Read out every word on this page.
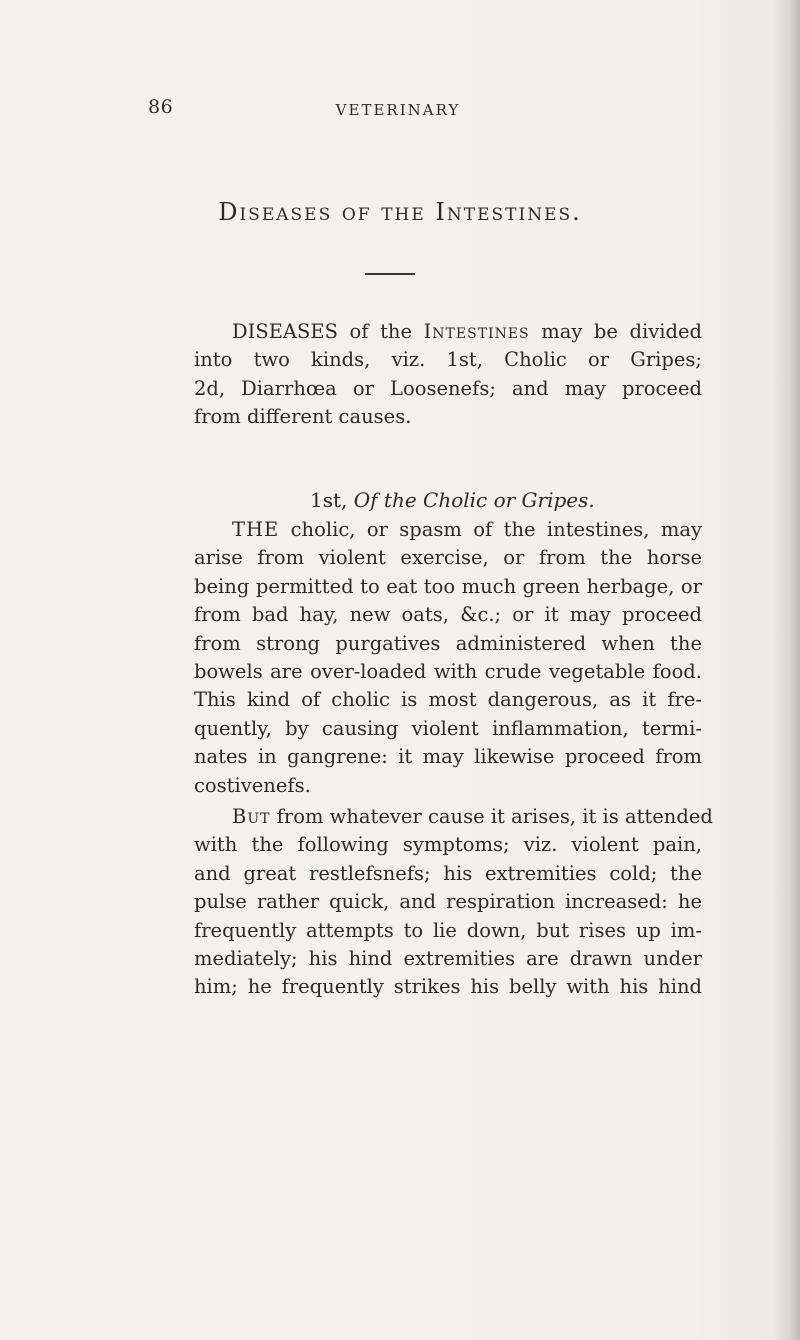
86	VETERINARY
Diseases of the Intestines.
DISEASES of the Intestines may be divided
into two kinds, viz. 1st, Cholic or Gripes;
2d, Diarrhœa or Loosenefs; and may proceed
from different causes.
1st, Of the Cholic or Gripes.
THE cholic, or spasm of the intestines, may
arise from violent exercise, or from the horse
being permitted to eat too much green herbage, or
from bad hay, new oats, &c.; or it may proceed
from strong purgatives administered when the
bowels are over-loaded with crude vegetable food.
This kind of cholic is most dangerous, as it fre-
quently, by causing violent inflammation, termi-
nates in gangrene: it may likewise proceed from
costivenefs.
But from whatever cause it arises, it is attended
with the following symptoms; viz. violent pain,
and great restlefsnefs; his extremities cold; the
pulse rather quick, and respiration increased: he
frequently attempts to lie down, but rises up im-
mediately; his hind extremities are drawn under
him; he frequently strikes his belly with his hind
